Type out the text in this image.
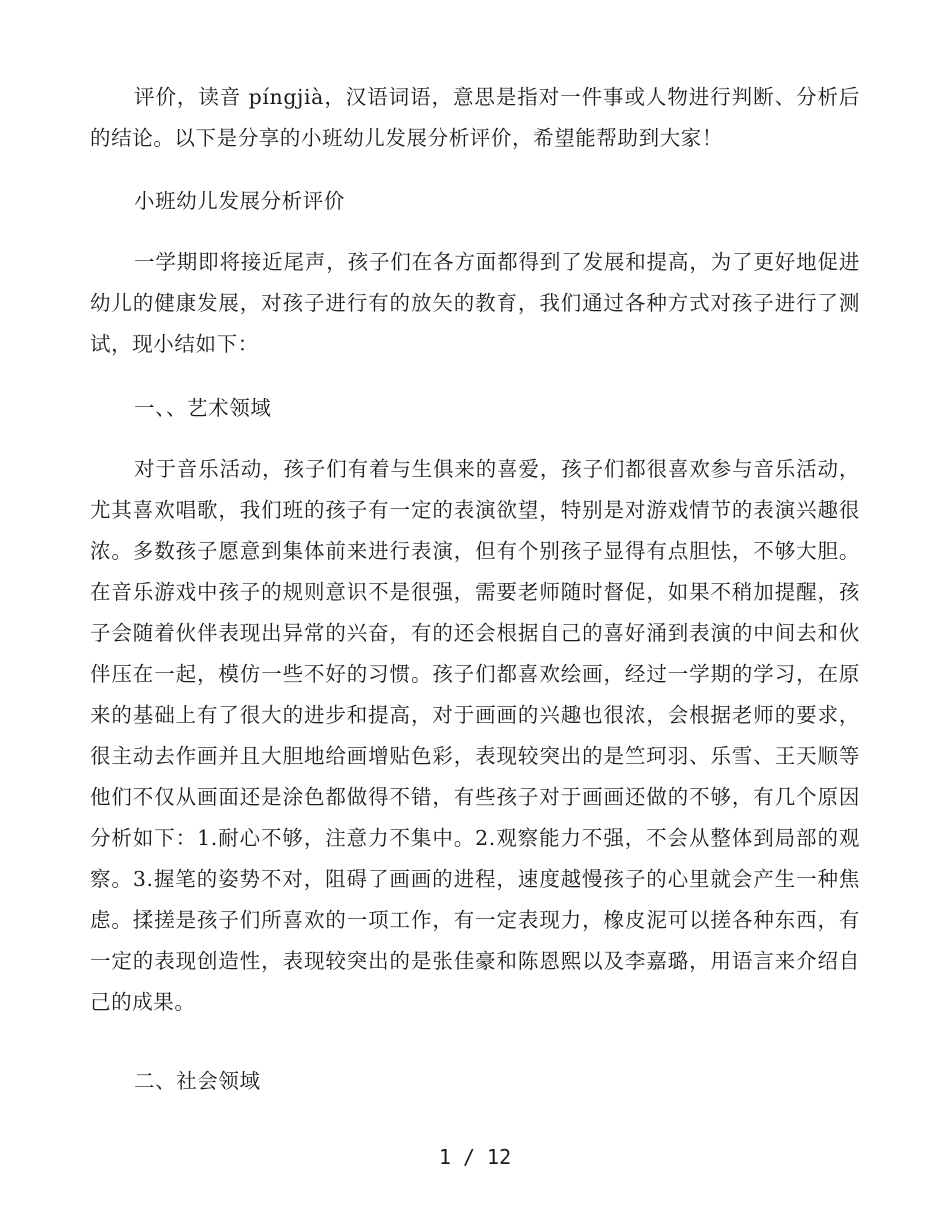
评价，读音 píngjià，汉语词语，意思是指对一件事或人物进行判断、分析后的结论。以下是分享的小班幼儿发展分析评价，希望能帮助到大家！

小班幼儿发展分析评价

一学期即将接近尾声，孩子们在各方面都得到了发展和提高，为了更好地促进幼儿的健康发展，对孩子进行有的放矢的教育，我们通过各种方式对孩子进行了测试，现小结如下：

一、、艺术领域

对于音乐活动，孩子们有着与生俱来的喜爱，孩子们都很喜欢参与音乐活动，尤其喜欢唱歌，我们班的孩子有一定的表演欲望，特别是对游戏情节的表演兴趣很浓。多数孩子愿意到集体前来进行表演，但有个别孩子显得有点胆怯，不够大胆。在音乐游戏中孩子的规则意识不是很强，需要老师随时督促，如果不稍加提醒，孩子会随着伙伴表现出异常的兴奋，有的还会根据自己的喜好涌到表演的中间去和伙伴压在一起，模仿一些不好的习惯。孩子们都喜欢绘画，经过一学期的学习，在原来的基础上有了很大的进步和提高，对于画画的兴趣也很浓，会根据老师的要求，很主动去作画并且大胆地给画增贴色彩，表现较突出的是竺珂羽、乐雪、王天顺等他们不仅从画面还是涂色都做得不错，有些孩子对于画画还做的不够，有几个原因分析如下：1.耐心不够，注意力不集中。2.观察能力不强，不会从整体到局部的观察。3.握笔的姿势不对，阻碍了画画的进程，速度越慢孩子的心里就会产生一种焦虑。揉搓是孩子们所喜欢的一项工作，有一定表现力，橡皮泥可以搓各种东西，有一定的表现创造性，表现较突出的是张佳豪和陈恩熙以及李嘉璐，用语言来介绍自己的成果。

二、社会领域

1 / 12
